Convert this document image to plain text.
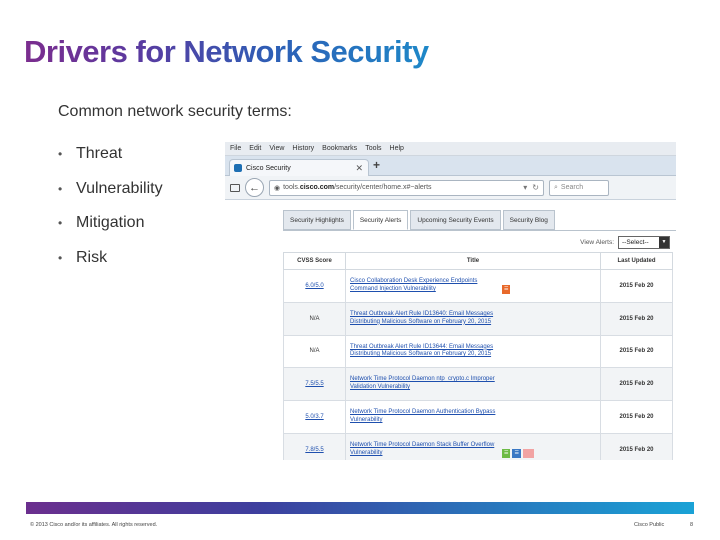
Drivers for Network Security
Common network security terms:
• Threat
• Vulnerability
• Mitigation
• Risk
File Edit View History Bookmarks Tools Help
Cisco Security	✕ +
← ◉ tools.cisco.com/security/center/home.x#~alerts	▾ ↻ ⌕ Search
Security Highlights	Security Alerts	Upcoming Security Events	Security Blog
View Alerts: --Select--	▼
CVSS Score	Title	Last Updated
6.0/5.0	Cisco Collaboration Desk Experience Endpoints Command Injection Vulnerability ☰	2015 Feb 20
N/A	Threat Outbreak Alert Rule ID13640: Email Messages Distributing Malicious Software on February 20, 2015	2015 Feb 20
N/A	Threat Outbreak Alert Rule ID13644: Email Messages Distributing Malicious Software on February 20, 2015	2015 Feb 20
7.5/5.5	Network Time Protocol Daemon ntp_crypto.c Improper Validation Vulnerability	2015 Feb 20
5.0/3.7	Network Time Protocol Daemon Authentication Bypass Vulnerability	2015 Feb 20
7.8/5.5	Network Time Protocol Daemon Stack Buffer Overflow Vulnerability ☰ ☰	2015 Feb 20
© 2013 Cisco and/or its affiliates. All rights reserved.	Cisco Public	8
